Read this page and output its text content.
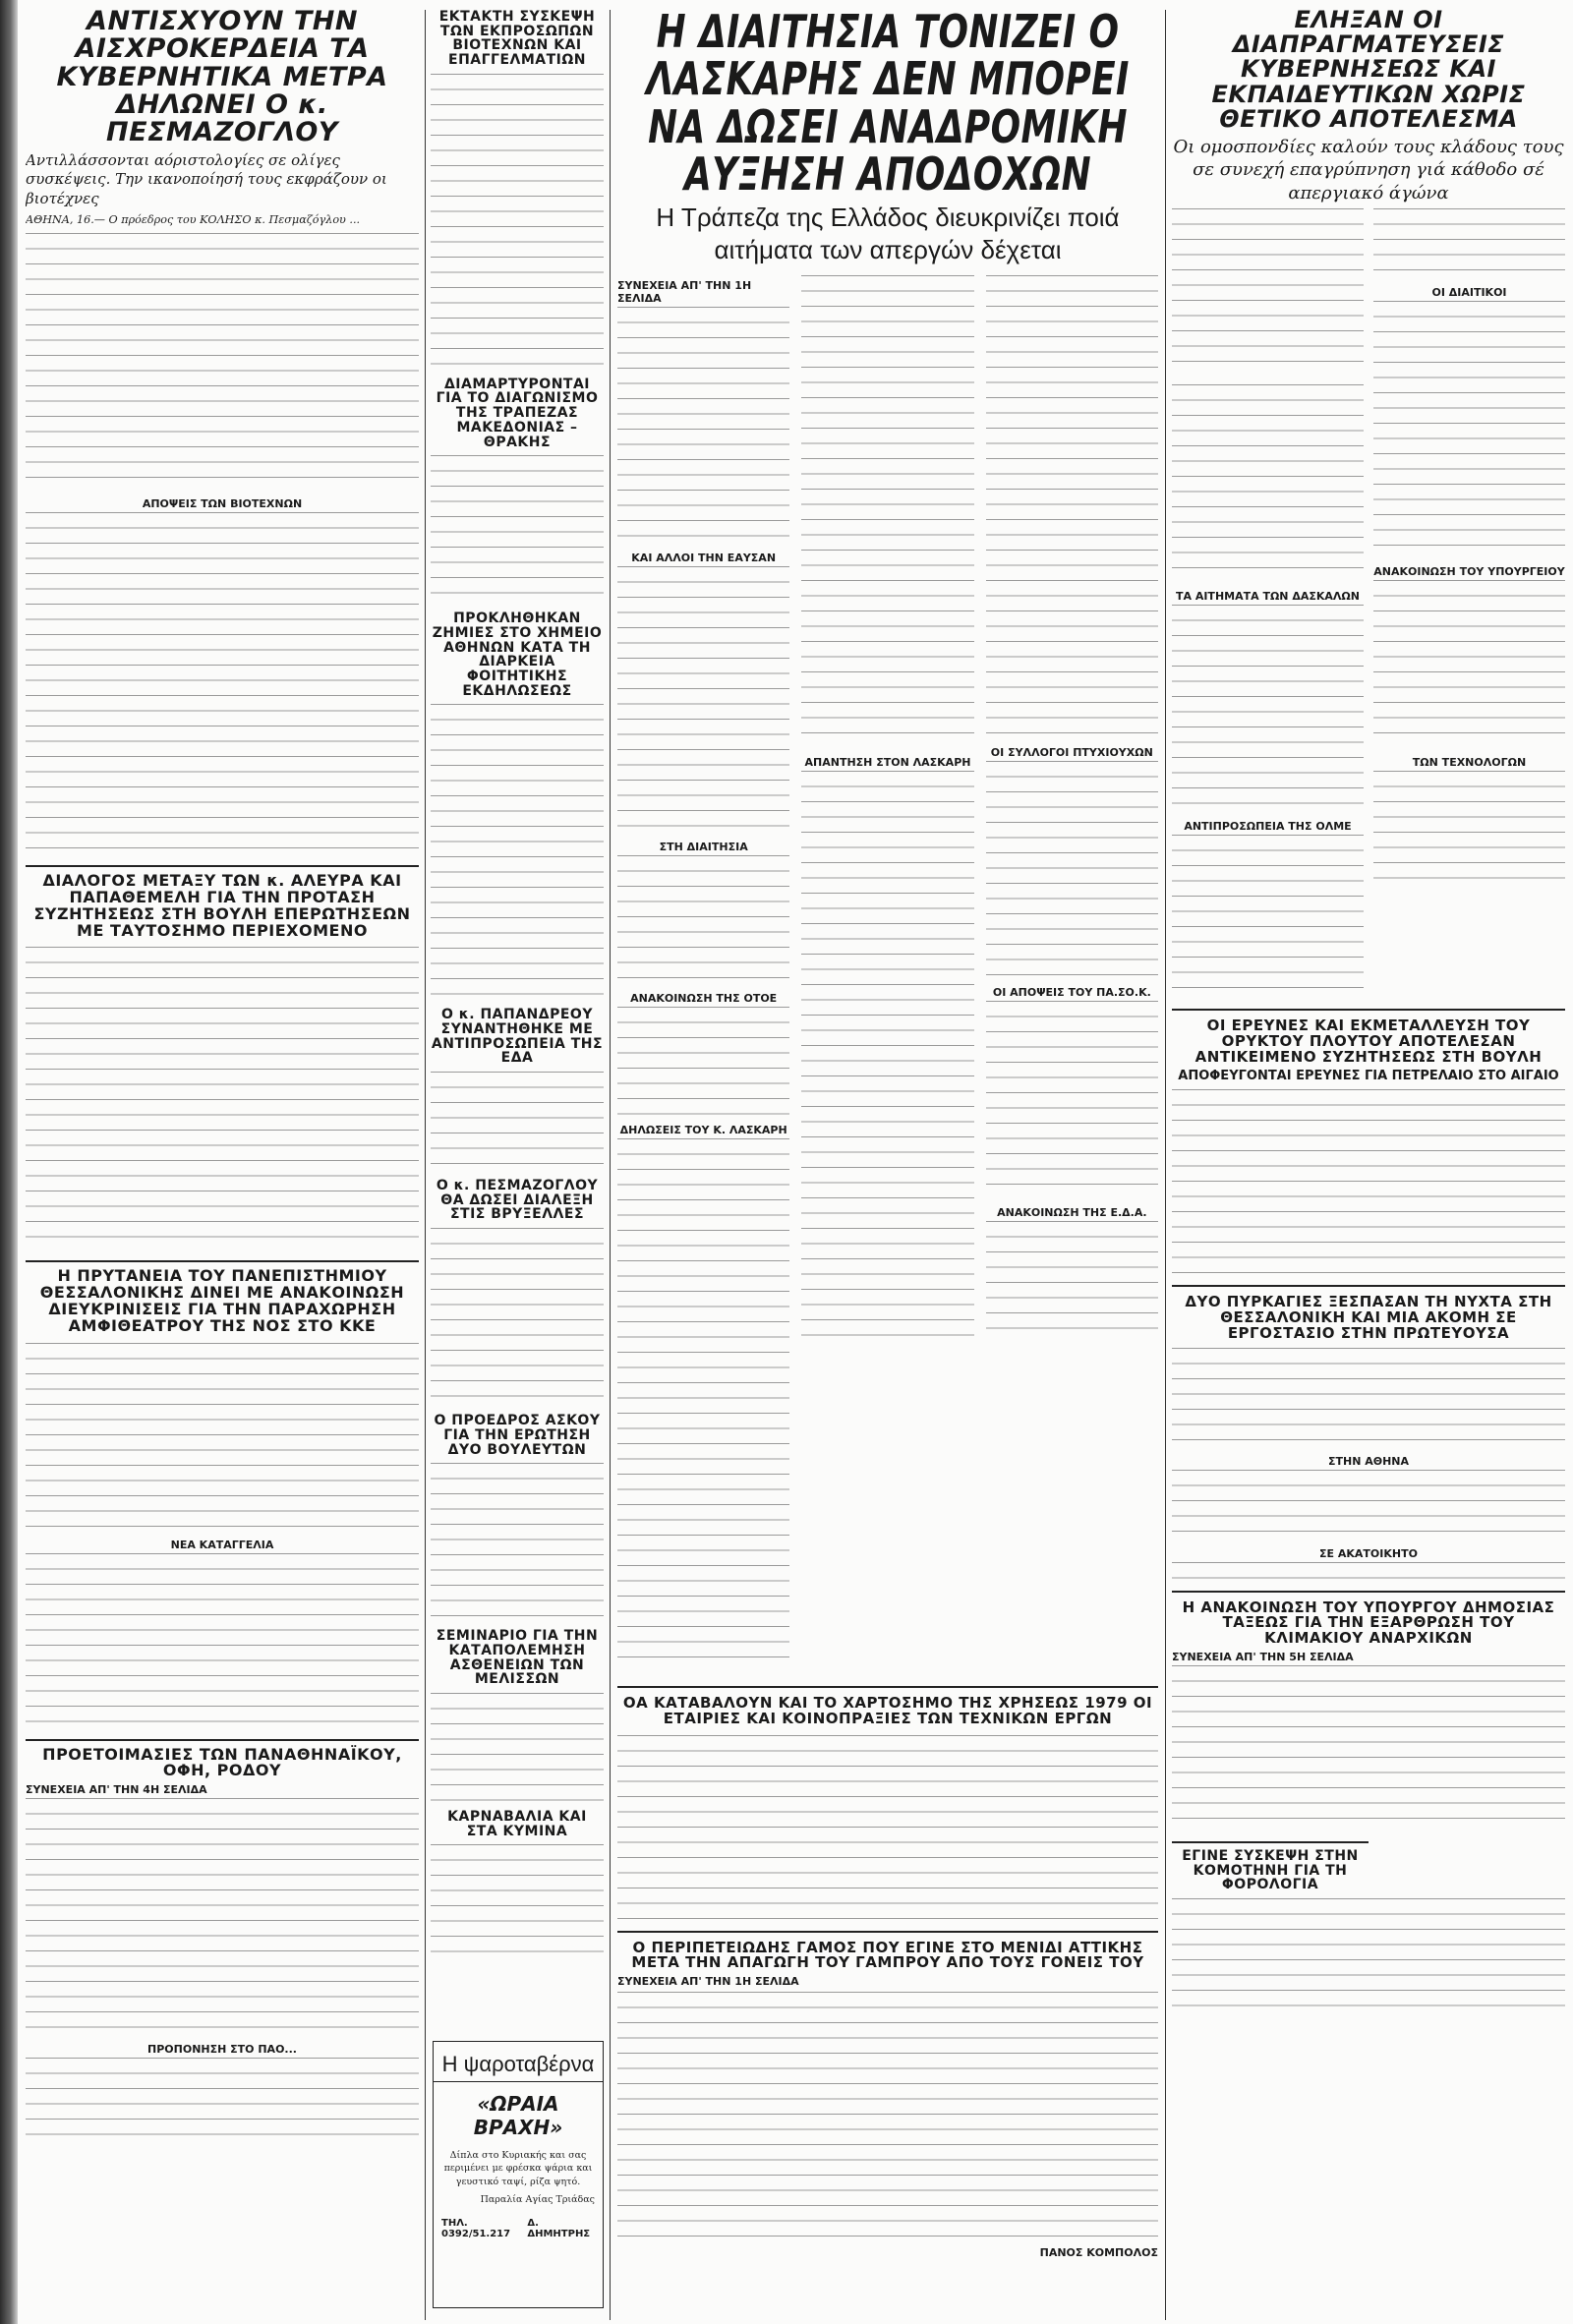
ΑΝΤΙΣΧΥΟΥΝ ΤΗΝ ΑΙΣΧΡΟΚΕΡΔΕΙΑ ΤΑ ΚΥΒΕΡΝΗΤΙΚΑ ΜΕΤΡΑ ΔΗΛΩΝΕΙ Ο κ. ΠΕΣΜΑΖΟΓΛΟΥ

Αντιλλάσσονται αόριστολογίες σε ολίγες συσκέψεις. Την ικανοποίησή τους εκφράζουν οι βιοτέχνες

ΑΘΗΝΑ, 16.— Ο πρόεδρος του ΚΟΛΗΣΟ κ. Πεσμαζόγλου ...

ΑΠΟΨΕΙΣ ΤΩΝ ΒΙΟΤΕΧΝΩΝ
ΔΙΑΛΟΓΟΣ ΜΕΤΑΞΥ ΤΩΝ κ. ΑΛΕΥΡΑ ΚΑΙ ΠΑΠΑΘΕΜΕΛΗ ΓΙΑ ΤΗΝ ΠΡΟΤΑΣΗ ΣΥΖΗΤΗΣΕΩΣ ΣΤΗ ΒΟΥΛΗ ΕΠΕΡΩΤΗΣΕΩΝ ΜΕ ΤΑΥΤΟΣΗΜΟ ΠΕΡΙΕΧΟΜΕΝΟ
Η ΠΡΥΤΑΝΕΙΑ ΤΟΥ ΠΑΝΕΠΙΣΤΗΜΙΟΥ ΘΕΣΣΑΛΟΝΙΚΗΣ ΔΙΝΕΙ ΜΕ ΑΝΑΚΟΙΝΩΣΗ ΔΙΕΥΚΡΙΝΙΣΕΙΣ ΓΙΑ ΤΗΝ ΠΑΡΑΧΩΡΗΣΗ ΑΜΦΙΘΕΑΤΡΟΥ ΤΗΣ ΝΟΣ ΣΤΟ ΚΚΕ
ΝΕΑ ΚΑΤΑΓΓΕΛΙΑ
ΠΡΟΕΤΟΙΜΑΣΙΕΣ ΤΩΝ ΠΑΝΑΘΗΝΑΪΚΟΥ, ΟΦΗ, ΡΟΔΟΥ
ΣΥΝΕΧΕΙΑ ΑΠ' ΤΗΝ 4Η ΣΕΛΙΔΑ
ΠΡΟΠΟΝΗΣΗ ΣΤΟ ΠΑΟ...
ΕΚΤΑΚΤΗ ΣΥΣΚΕΨΗ ΤΩΝ ΕΚΠΡΟΣΩΠΩΝ ΒΙΟΤΕΧΝΩΝ ΚΑΙ ΕΠΑΓΓΕΛΜΑΤΙΩΝ
ΔΙΑΜΑΡΤΥΡΟΝΤΑΙ ΓΙΑ ΤΟ ΔΙΑΓΩΝΙΣΜΟ ΤΗΣ ΤΡΑΠΕΖΑΣ ΜΑΚΕΔΟΝΙΑΣ – ΘΡΑΚΗΣ
ΠΡΟΚΛΗΘΗΚΑΝ ΖΗΜΙΕΣ ΣΤΟ ΧΗΜΕΙΟ ΑΘΗΝΩΝ ΚΑΤΑ ΤΗ ΔΙΑΡΚΕΙΑ ΦΟΙΤΗΤΙΚΗΣ ΕΚΔΗΛΩΣΕΩΣ
Ο κ. ΠΑΠΑΝΔΡΕΟΥ ΣΥΝΑΝΤΗΘΗΚΕ ΜΕ ΑΝΤΙΠΡΟΣΩΠΕΙΑ ΤΗΣ ΕΔΑ
Ο κ. ΠΕΣΜΑΖΟΓΛΟΥ ΘΑ ΔΩΣΕΙ ΔΙΑΛΕΞΗ ΣΤΙΣ ΒΡΥΞΕΛΛΕΣ
Ο ΠΡΟΕΔΡΟΣ ΑΣΚΟΥ ΓΙΑ ΤΗΝ ΕΡΩΤΗΣΗ ΔΥΟ ΒΟΥΛΕΥΤΩΝ
ΣΕΜΙΝΑΡΙΟ ΓΙΑ ΤΗΝ ΚΑΤΑΠΟΛΕΜΗΣΗ ΑΣΘΕΝΕΙΩΝ ΤΩΝ ΜΕΛΙΣΣΩΝ
ΚΑΡΝΑΒΑΛΙΑ ΚΑΙ ΣΤΑ ΚΥΜΙΝΑ
Η ψαροταβέρνα
«ΩΡΑΙΑ ΒΡΑΧΗ»
Δίπλα στο Κυριακής και σας περιμένει με φρέσκα ψάρια και γευστικό ταψί, ρίζα ψητό.
Παραλία Αγίας Τριάδας
ΤΗΛ. 0392/51.217
Δ. ΔΗΜΗΤΡΗΣ
Η ΔΙΑΙΤΗΣΙΑ ΤΟΝΙΖΕΙ Ο ΛΑΣΚΑΡΗΣ ΔΕΝ ΜΠΟΡΕΙ ΝΑ ΔΩΣΕΙ ΑΝΑΔΡΟΜΙΚΗ ΑΥΞΗΣΗ ΑΠΟΔΟΧΩΝ
Η Τράπεζα της Ελλάδος διευκρινίζει ποιά αιτήματα των απεργών δέχεται
ΣΥΝΕΧΕΙΑ ΑΠ' ΤΗΝ 1Η ΣΕΛΙΔΑ
ΚΑΙ ΑΛΛΟΙ ΤΗΝ ΕΑΥΣΑΝ
ΣΤΗ ΔΙΑΙΤΗΣΙΑ
ΑΝΑΚΟΙΝΩΣΗ ΤΗΣ ΟΤΟΕ
ΔΗΛΩΣΕΙΣ ΤΟΥ Κ. ΛΑΣΚΑΡΗ
ΑΠΑΝΤΗΣΗ ΣΤΟΝ ΛΑΣΚΑΡΗ
ΟΙ ΣΥΛΛΟΓΟΙ ΠΤΥΧΙΟΥΧΩΝ
ΟΙ ΑΠΟΨΕΙΣ ΤΟΥ ΠΑ.ΣΟ.Κ.
ΑΝΑΚΟΙΝΩΣΗ ΤΗΣ Ε.Δ.Α.
ΟΑ ΚΑΤΑΒΑΛΟΥΝ ΚΑΙ ΤΟ ΧΑΡΤΟΣΗΜΟ ΤΗΣ ΧΡΗΣΕΩΣ 1979 ΟΙ ΕΤΑΙΡΙΕΣ ΚΑΙ ΚΟΙΝΟΠΡΑΞΙΕΣ ΤΩΝ ΤΕΧΝΙΚΩΝ ΕΡΓΩΝ
Ο ΠΕΡΙΠΕΤΕΙΩΔΗΣ ΓΑΜΟΣ ΠΟΥ ΕΓΙΝΕ ΣΤΟ ΜΕΝΙΔΙ ΑΤΤΙΚΗΣ ΜΕΤΑ ΤΗΝ ΑΠΑΓΩΓΗ ΤΟΥ ΓΑΜΠΡΟΥ ΑΠΟ ΤΟΥΣ ΓΟΝΕΙΣ ΤΟΥ
ΣΥΝΕΧΕΙΑ ΑΠ' ΤΗΝ 1Η ΣΕΛΙΔΑ
ΠΑΝΟΣ ΚΟΜΠΟΛΟΣ
ΕΛΗΞΑΝ ΟΙ ΔΙΑΠΡΑΓΜΑΤΕΥΣΕΙΣ ΚΥΒΕΡΝΗΣΕΩΣ ΚΑΙ ΕΚΠΑΙΔΕΥΤΙΚΩΝ ΧΩΡΙΣ ΘΕΤΙΚΟ ΑΠΟΤΕΛΕΣΜΑ

Οι ομοσπονδίες καλούν τους κλάδους τους σε συνεχή επαγρύπνηση γιά κάθοδο σέ απεργιακό άγώνα

ΤΑ ΑΙΤΗΜΑΤΑ ΤΩΝ ΔΑΣΚΑΛΩΝ
ΑΝΤΙΠΡΟΣΩΠΕΙΑ ΤΗΣ ΟΛΜΕ
ΟΙ ΔΙΑΙΤΙΚΟΙ
ΑΝΑΚΟΙΝΩΣΗ ΤΟΥ ΥΠΟΥΡΓΕΙΟΥ
ΤΩΝ ΤΕΧΝΟΛΟΓΩΝ
ΟΙ ΕΡΕΥΝΕΣ ΚΑΙ ΕΚΜΕΤΑΛΛΕΥΣΗ ΤΟΥ ΟΡΥΚΤΟΥ ΠΛΟΥΤΟΥ ΑΠΟΤΕΛΕΣΑΝ ΑΝΤΙΚΕΙΜΕΝΟ ΣΥΖΗΤΗΣΕΩΣ ΣΤΗ ΒΟΥΛΗ
ΑΠΟΦΕΥΓΟΝΤΑΙ ΕΡΕΥΝΕΣ ΓΙΑ ΠΕΤΡΕΛΑΙΟ ΣΤΟ ΑΙΓΑΙΟ
ΔΥΟ ΠΥΡΚΑΓΙΕΣ ΞΕΣΠΑΣΑΝ ΤΗ ΝΥΧΤΑ ΣΤΗ ΘΕΣΣΑΛΟΝΙΚΗ ΚΑΙ ΜΙΑ ΑΚΟΜΗ ΣΕ ΕΡΓΟΣΤΑΣΙΟ ΣΤΗΝ ΠΡΩΤΕΥΟΥΣΑ
ΣΤΗΝ ΑΘΗΝΑ
ΣΕ ΑΚΑΤΟΙΚΗΤΟ
Η ΑΝΑΚΟΙΝΩΣΗ ΤΟΥ ΥΠΟΥΡΓΟΥ ΔΗΜΟΣΙΑΣ ΤΑΞΕΩΣ ΓΙΑ ΤΗΝ ΕΞΑΡΘΡΩΣΗ ΤΟΥ ΚΛΙΜΑΚΙΟΥ ΑΝΑΡΧΙΚΩΝ
ΣΥΝΕΧΕΙΑ ΑΠ' ΤΗΝ 5Η ΣΕΛΙΔΑ
ΕΓΙΝΕ ΣΥΣΚΕΨΗ ΣΤΗΝ ΚΟΜΟΤΗΝΗ ΓΙΑ ΤΗ ΦΟΡΟΛΟΓΙΑ
